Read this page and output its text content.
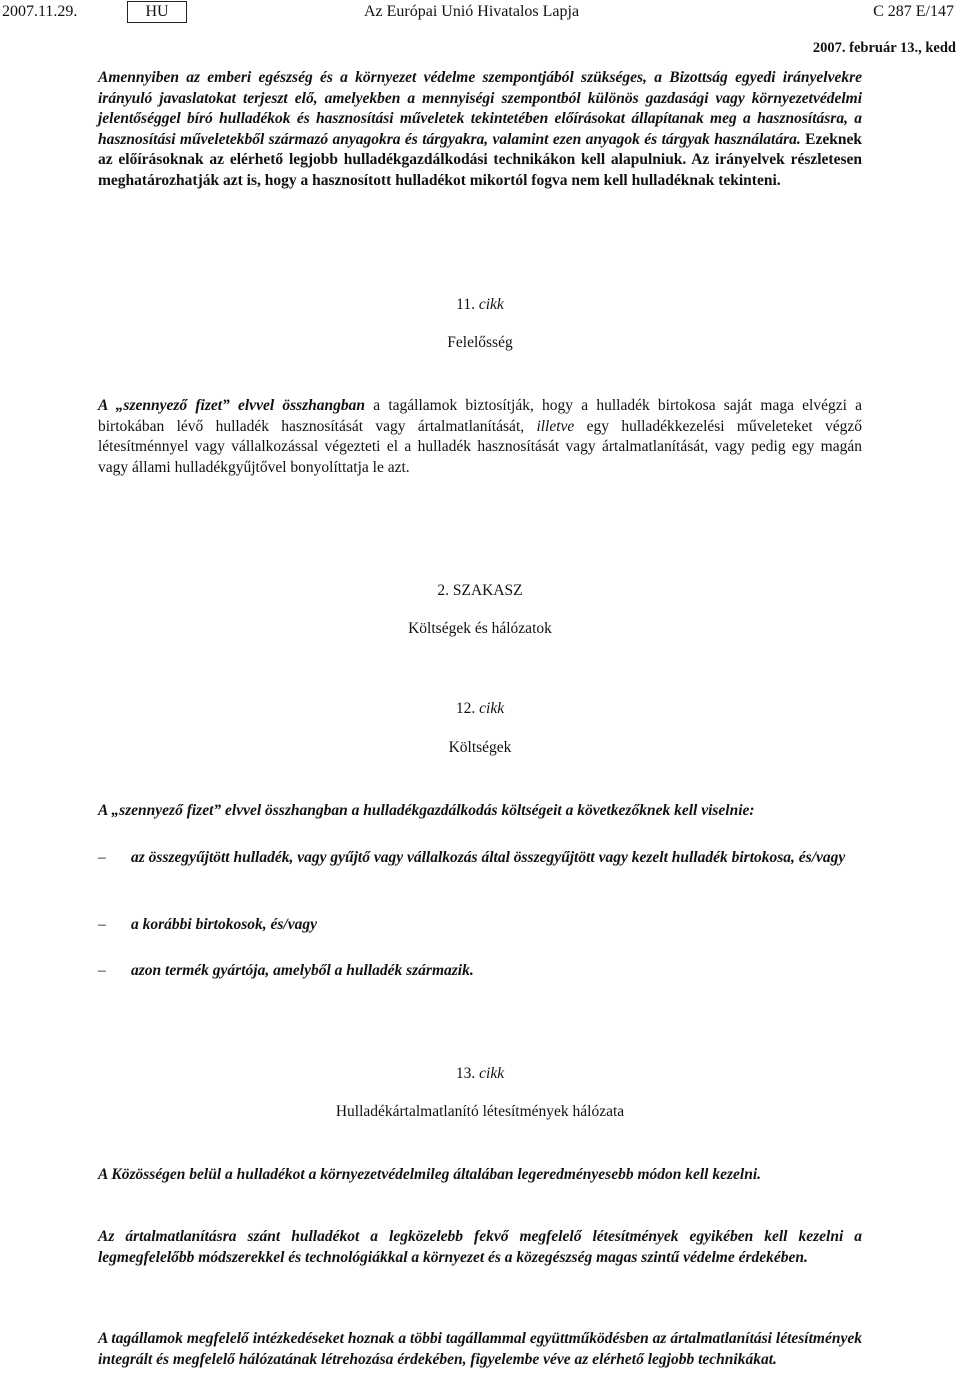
2007.11.29.	HU	Az Európai Unió Hivatalos Lapja	C 287 E/147
2007. február 13., kedd

Amennyiben az emberi egészség és a környezet védelme szempontjából szükséges, a Bizottság egyedi irányelvekre irányuló javaslatokat terjeszt elő, amelyekben a mennyiségi szempontból különös gazdasági vagy környezetvédelmi jelentőséggel bíró hulladékok és hasznosítási műveletek tekintetében előírásokat állapítanak meg a hasznosításra, a hasznosítási műveletekből származó anyagokra és tárgyakra, valamint ezen anyagok és tárgyak használatára. Ezeknek az előírásoknak az elérhető legjobb hulladékgazdálkodási technikákon kell alapulniuk. Az irányelvek részletesen meghatározhatják azt is, hogy a hasznosított hulladékot mikortól fogva nem kell hulladéknak tekinteni.

11. cikk
Felelősség

A „szennyező fizet” elvvel összhangban a tagállamok biztosítják, hogy a hulladék birtokosa saját maga elvégzi a birtokában lévő hulladék hasznosítását vagy ártalmatlanítását, illetve egy hulladékkezelési műveleteket végző létesítménnyel vagy vállalkozással végezteti el a hulladék hasznosítását vagy ártalmatlanítását, vagy pedig egy magán vagy állami hulladékgyűjtővel bonyolíttatja le azt.

2. SZAKASZ
Költségek és hálózatok
12. cikk
Költségek

A „szennyező fizet” elvvel összhangban a hulladékgazdálkodás költségeit a következőknek kell viselnie:

– az összegyűjtött hulladék, vagy gyűjtő vagy vállalkozás által összegyűjtött vagy kezelt hulladék birtokosa, és/vagy
– a korábbi birtokosok, és/vagy
– azon termék gyártója, amelyből a hulladék származik.
13. cikk
Hulladékártalmatlanító létesítmények hálózata

A Közösségen belül a hulladékot a környezetvédelmileg általában legeredményesebb módon kell kezelni.

Az ártalmatlanításra szánt hulladékot a legközelebb fekvő megfelelő létesítmények egyikében kell kezelni a legmegfelelőbb módszerekkel és technológiákkal a környezet és a közegészség magas szintű védelme érdekében.

A tagállamok megfelelő intézkedéseket hoznak a többi tagállammal együttműködésben az ártalmatlanítási létesítmények integrált és megfelelő hálózatának létrehozása érdekében, figyelembe véve az elérhető legjobb technikákat.
